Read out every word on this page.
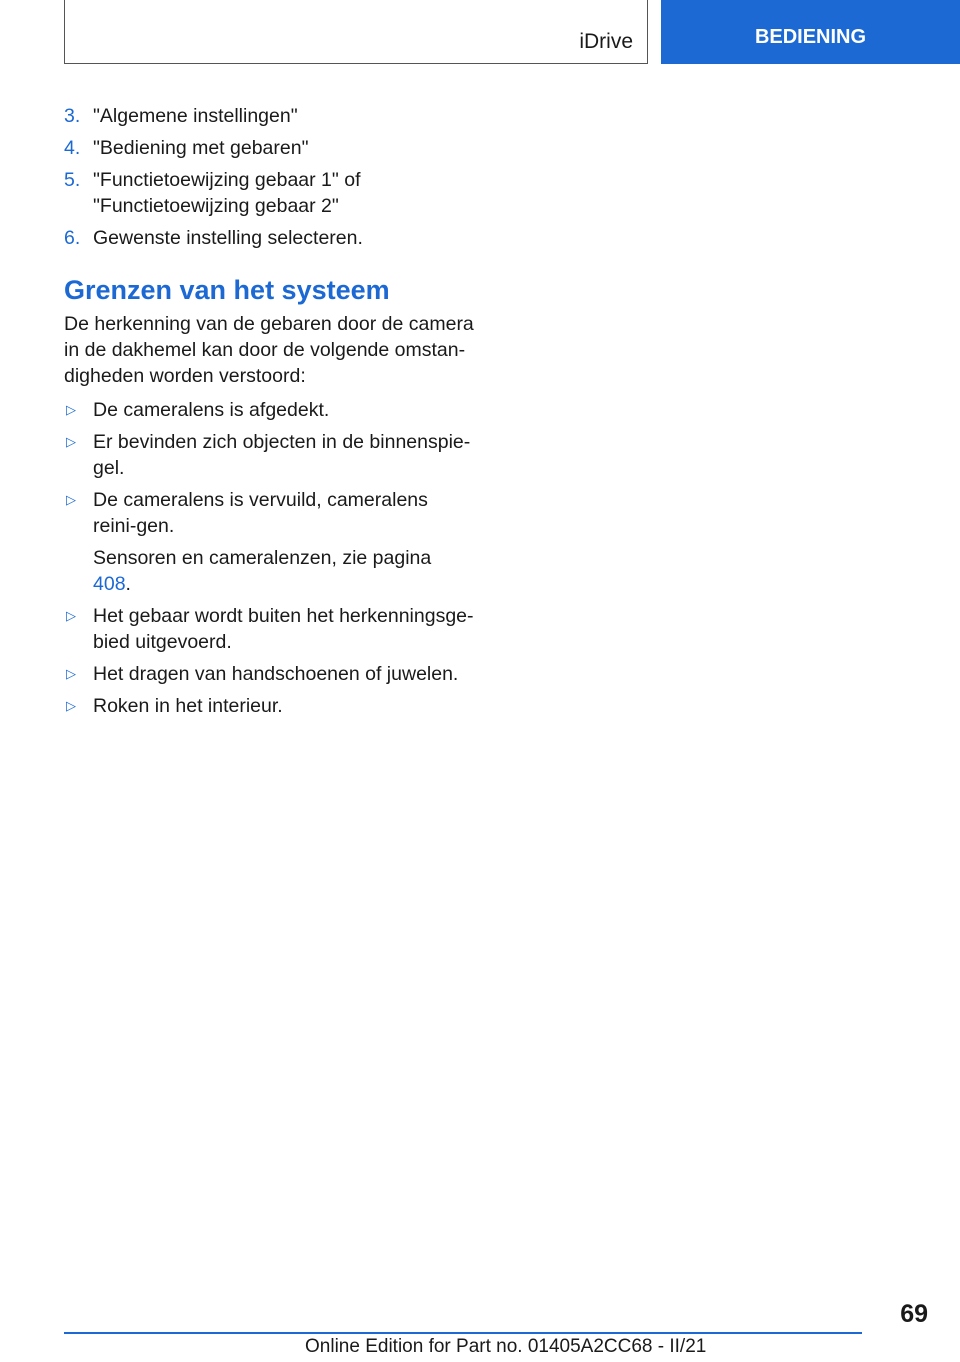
iDrive	BEDIENING
3. "Algemene instellingen"
4. "Bediening met gebaren"
5. "Functietoewijzing gebaar 1" of "Functietoewijzing gebaar 2"
6. Gewenste instelling selecteren.
Grenzen van het systeem
De herkenning van de gebaren door de camera in de dakhemel kan door de volgende omstan-digheden worden verstoord:
▷ De cameralens is afgedekt.
▷ Er bevinden zich objecten in de binnenspie-gel.
▷ De cameralens is vervuild, cameralens reini-gen.
Sensoren en cameralenzen, zie pagina 408.
▷ Het gebaar wordt buiten het herkenningsge-bied uitgevoerd.
▷ Het dragen van handschoenen of juwelen.
▷ Roken in het interieur.
69
Online Edition for Part no. 01405A2CC68 - II/21
